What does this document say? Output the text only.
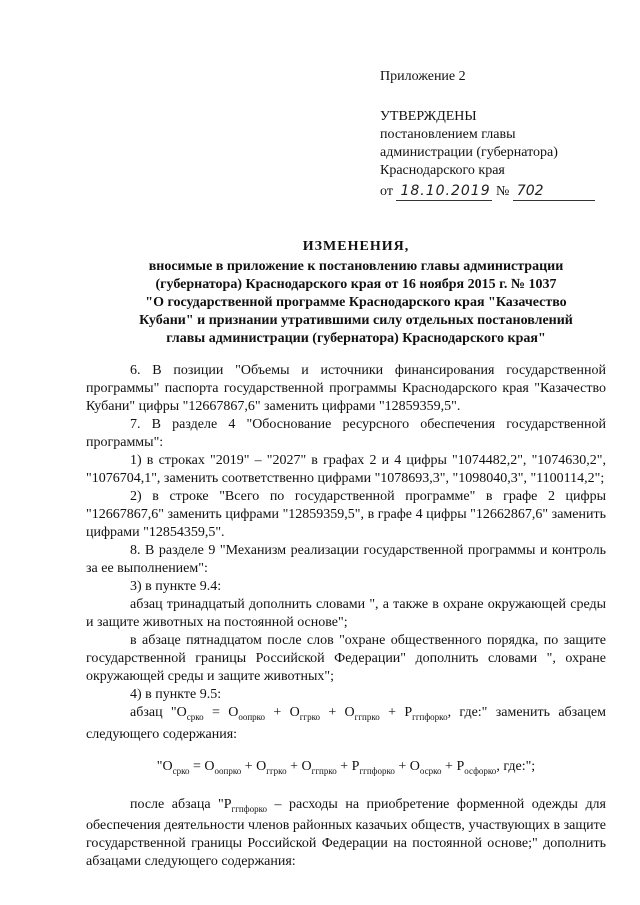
Приложение 2
УТВЕРЖДЕНЫ
постановлением главы
администрации (губернатора)
Краснодарского края
от 18.10.2019 № 702
ИЗМЕНЕНИЯ,
вносимые в приложение к постановлению главы администрации
(губернатора) Краснодарского края от 16 ноября 2015 г. № 1037
"О государственной программе Краснодарского края "Казачество
Кубани" и признании утратившими силу отдельных постановлений
главы администрации (губернатора) Краснодарского края"

6. В позиции "Объемы и источники финансирования государственной программы" паспорта государственной программы Краснодарского края "Казачество Кубани" цифры "12667867,6" заменить цифрами "12859359,5".

7. В разделе 4 "Обоснование ресурсного обеспечения государственной программы":

1) в строках "2019" – "2027" в графах 2 и 4 цифры "1074482,2", "1074630,2", "1076704,1", заменить соответственно цифрами "1078693,3", "1098040,3", "1100114,2";

2) в строке "Всего по государственной программе" в графе 2 цифры "12667867,6" заменить цифрами "12859359,5", в графе 4 цифры "12662867,6" заменить цифрами "12854359,5".

8. В разделе 9 "Механизм реализации государственной программы и контроль за ее выполнением":

3) в пункте 9.4:

абзац тринадцатый дополнить словами ", а также в охране окружающей среды и защите животных на постоянной основе";

в абзаце пятнадцатом после слов "охране общественного порядка, по защите государственной границы Российской Федерации" дополнить словами ", охране окружающей среды и защите животных";

4) в пункте 9.5:

абзац "$О_{срко} = О_{оопрко} + О_{ггрко} + О_{ггпрко} + Р_{ггпфорко}$, где:" заменить абзацем следующего содержания:

"$О_{срко} = О_{оопрко} + О_{ггрко} + О_{ггпрко} + Р_{ггпфорко} + О_{осрко} + Р_{осфорко}$, где:";

после абзаца "$Р_{ггпфорко}$ – расходы на приобретение форменной одежды для обеспечения деятельности членов районных казачьих обществ, участвующих в защите государственной границы Российской Федерации на постоянной основе;" дополнить абзацами следующего содержания:
